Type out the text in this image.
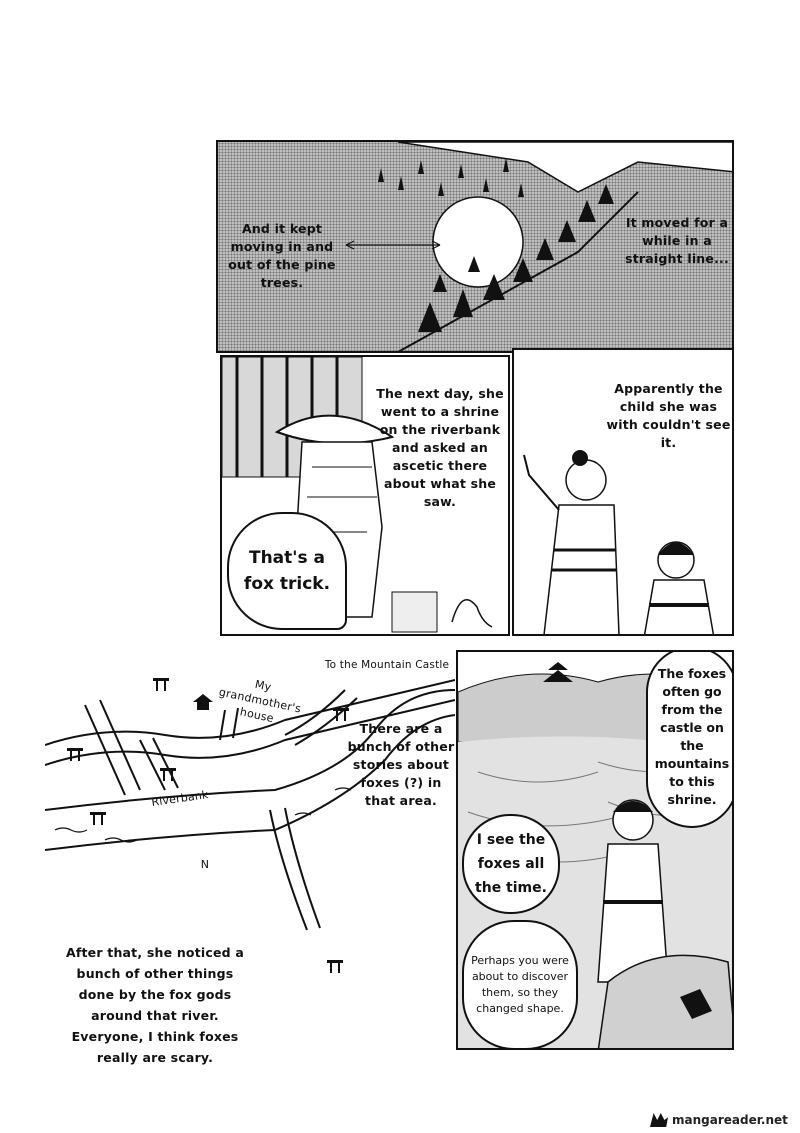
And it kept moving in and out of the pine trees.
It moved for a while in a straight line...
The next day, she went to a shrine on the riverbank and asked an ascetic there about what she saw.
That's a fox trick.
Apparently the child she was with couldn't see it.
My grandmother's house
To the Mountain Castle
Riverbank
N
There are a bunch of other stories about foxes (?) in that area.
The foxes often go from the castle on the mountains to this shrine.
I see the foxes all the time.
Perhaps you were about to discover them, so they changed shape.
After that, she noticed a bunch of other things done by the fox gods around that river. Everyone, I think foxes really are scary.
mangareader.net
